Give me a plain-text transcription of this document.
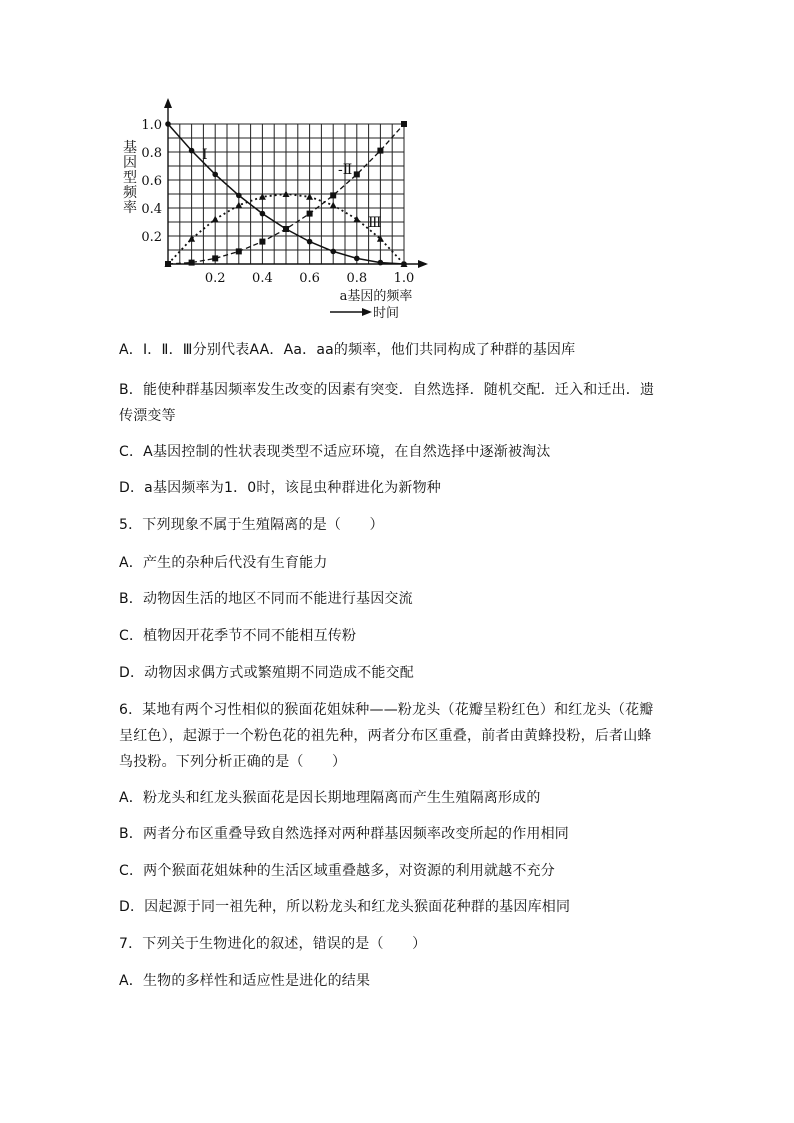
1.0
0.8
0.6
0.4
0.2
0.2 0.4 0.6 0.8 1.0
基
因
型
频
率
a基因的频率
时间
I
-Ⅱ
Ⅲ
A．Ⅰ．Ⅱ．Ⅲ分别代表AA．Aa．aa的频率，他们共同构成了种群的基因库
B．能使种群基因频率发生改变的因素有突变．自然选择．随机交配．迁入和迁出．遗
传漂变等
C．A基因控制的性状表现类型不适应环境，在自然选择中逐渐被淘汰
D．a基因频率为1．0时，该昆虫种群进化为新物种
5．下列现象不属于生殖隔离的是（　　）
A．产生的杂种后代没有生育能力
B．动物因生活的地区不同而不能进行基因交流
C．植物因开花季节不同不能相互传粉
D．动物因求偶方式或繁殖期不同造成不能交配
6．某地有两个习性相似的猴面花姐妹种——粉龙头（花瓣呈粉红色）和红龙头（花瓣
呈红色），起源于一个粉色花的祖先种，两者分布区重叠，前者由黄蜂投粉，后者山蜂
鸟投粉。下列分析正确的是（　　）
A．粉龙头和红龙头猴面花是因长期地理隔离而产生生殖隔离形成的
B．两者分布区重叠导致自然选择对两种群基因频率改变所起的作用相同
C．两个猴面花姐妹种的生活区域重叠越多，对资源的利用就越不充分
D．因起源于同一祖先种，所以粉龙头和红龙头猴面花种群的基因库相同
7．下列关于生物进化的叙述，错误的是（　　）
A．生物的多样性和适应性是进化的结果
